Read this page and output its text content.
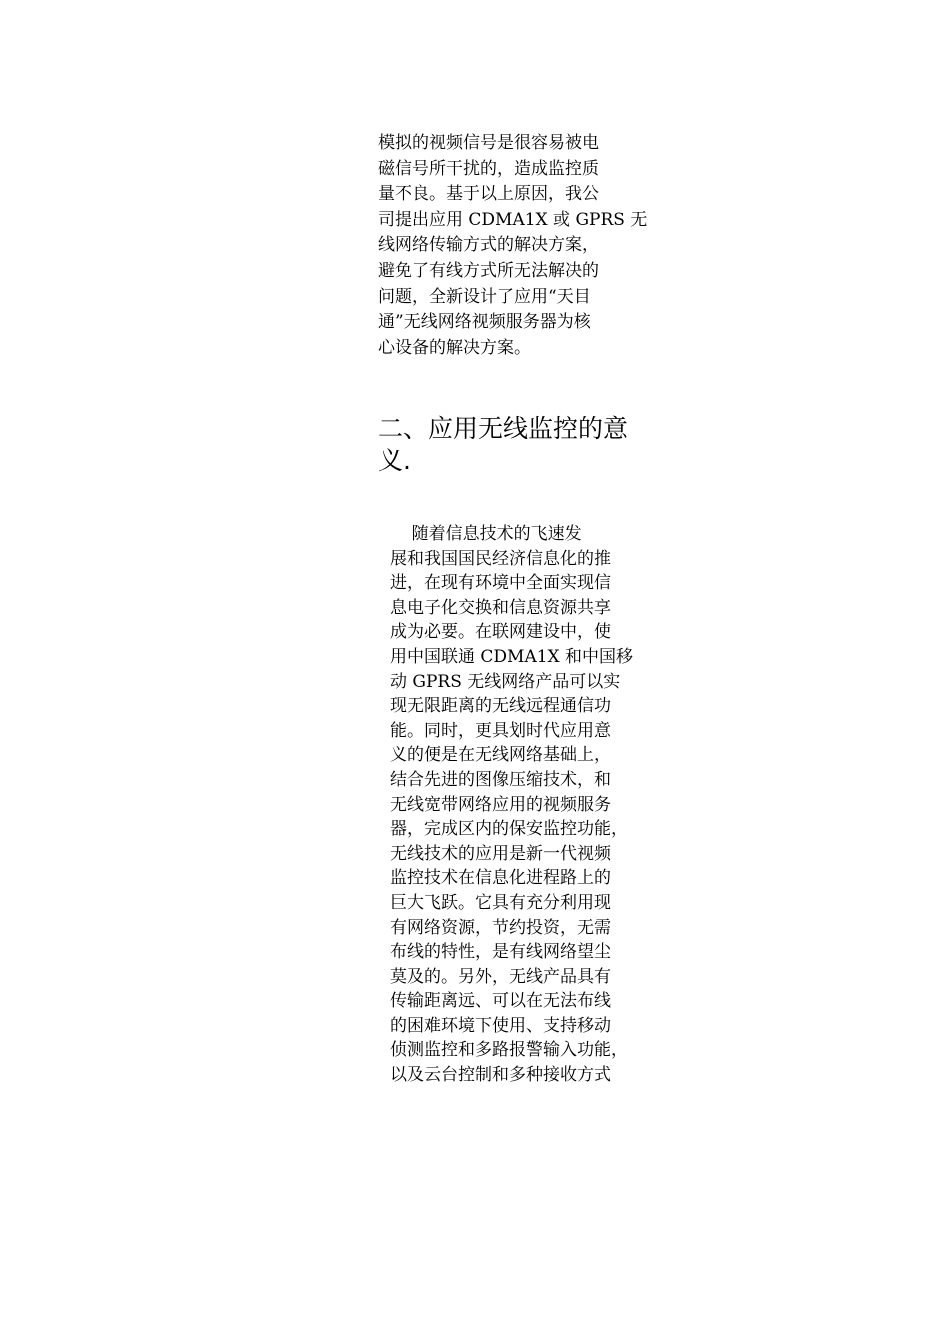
模拟的视频信号是很容易被电
磁信号所干扰的，造成监控质
量不良。基于以上原因，我公
司提出应用 CDMA1X 或 GPRS 无
线网络传输方式的解决方案，
避免了有线方式所无法解决的
问题，全新设计了应用“天目
通”无线网络视频服务器为核
心设备的解决方案。

二、应用无线监控的意
义.

随着信息技术的飞速发
展和我国国民经济信息化的推
进，在现有环境中全面实现信
息电子化交换和信息资源共享
成为必要。在联网建设中，使
用中国联通 CDMA1X 和中国移
动 GPRS 无线网络产品可以实
现无限距离的无线远程通信功
能。同时，更具划时代应用意
义的便是在无线网络基础上，
结合先进的图像压缩技术，和
无线宽带网络应用的视频服务
器，完成区内的保安监控功能，
无线技术的应用是新一代视频
监控技术在信息化进程路上的
巨大飞跃。它具有充分利用现
有网络资源，节约投资，无需
布线的特性，是有线网络望尘
莫及的。另外，无线产品具有
传输距离远、可以在无法布线
的困难环境下使用、支持移动
侦测监控和多路报警输入功能，
以及云台控制和多种接收方式
